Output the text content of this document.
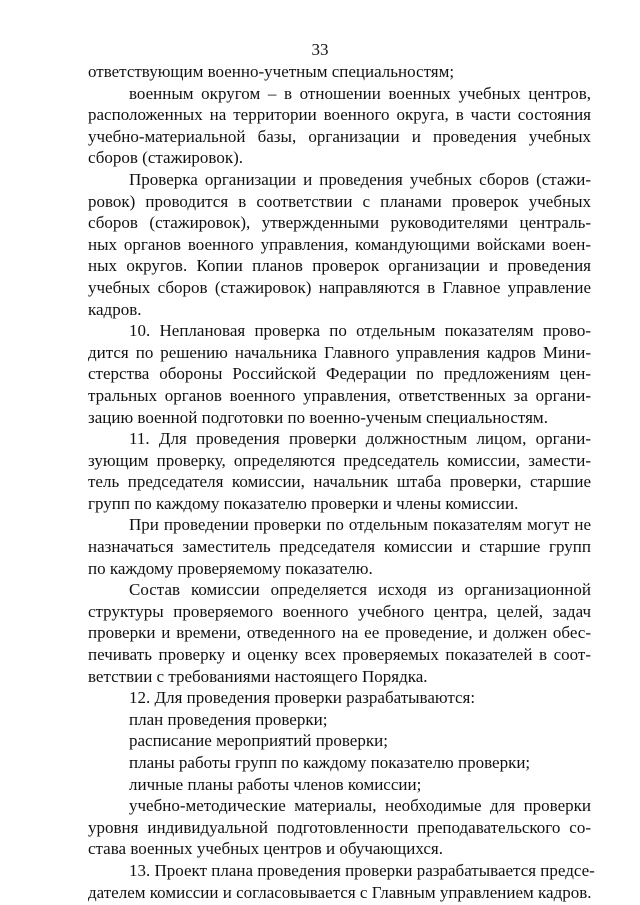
33
ответствующим военно-учетным специальностям;
военным округом – в отношении военных учебных центров,
расположенных на территории военного округа, в части состояния
учебно-материальной базы, организации и проведения учебных
сборов (стажировок).
Проверка организации и проведения учебных сборов (стажи-
ровок) проводится в соответствии с планами проверок учебных
сборов (стажировок), утвержденными руководителями централь-
ных органов военного управления, командующими войсками воен-
ных округов. Копии планов проверок организации и проведения
учебных сборов (стажировок) направляются в Главное управление
кадров.
10. Неплановая проверка по отдельным показателям прово-
дится по решению начальника Главного управления кадров Мини-
стерства обороны Российской Федерации по предложениям цен-
тральных органов военного управления, ответственных за органи-
зацию военной подготовки по военно-ученым специальностям.
11. Для проведения проверки должностным лицом, органи-
зующим проверку, определяются председатель комиссии, замести-
тель председателя комиссии, начальник штаба проверки, старшие
групп по каждому показателю проверки и члены комиссии.
При проведении проверки по отдельным показателям могут не
назначаться заместитель председателя комиссии и старшие групп
по каждому проверяемому показателю.
Состав комиссии определяется исходя из организационной
структуры проверяемого военного учебного центра, целей, задач
проверки и времени, отведенного на ее проведение, и должен обес-
печивать проверку и оценку всех проверяемых показателей в соот-
ветствии с требованиями настоящего Порядка.
12. Для проведения проверки разрабатываются:
план проведения проверки;
расписание мероприятий проверки;
планы работы групп по каждому показателю проверки;
личные планы работы членов комиссии;
учебно-методические материалы, необходимые для проверки
уровня индивидуальной подготовленности преподавательского со-
става военных учебных центров и обучающихся.
13. Проект плана проведения проверки разрабатывается предсе-
дателем комиссии и согласовывается с Главным управлением кадров.
